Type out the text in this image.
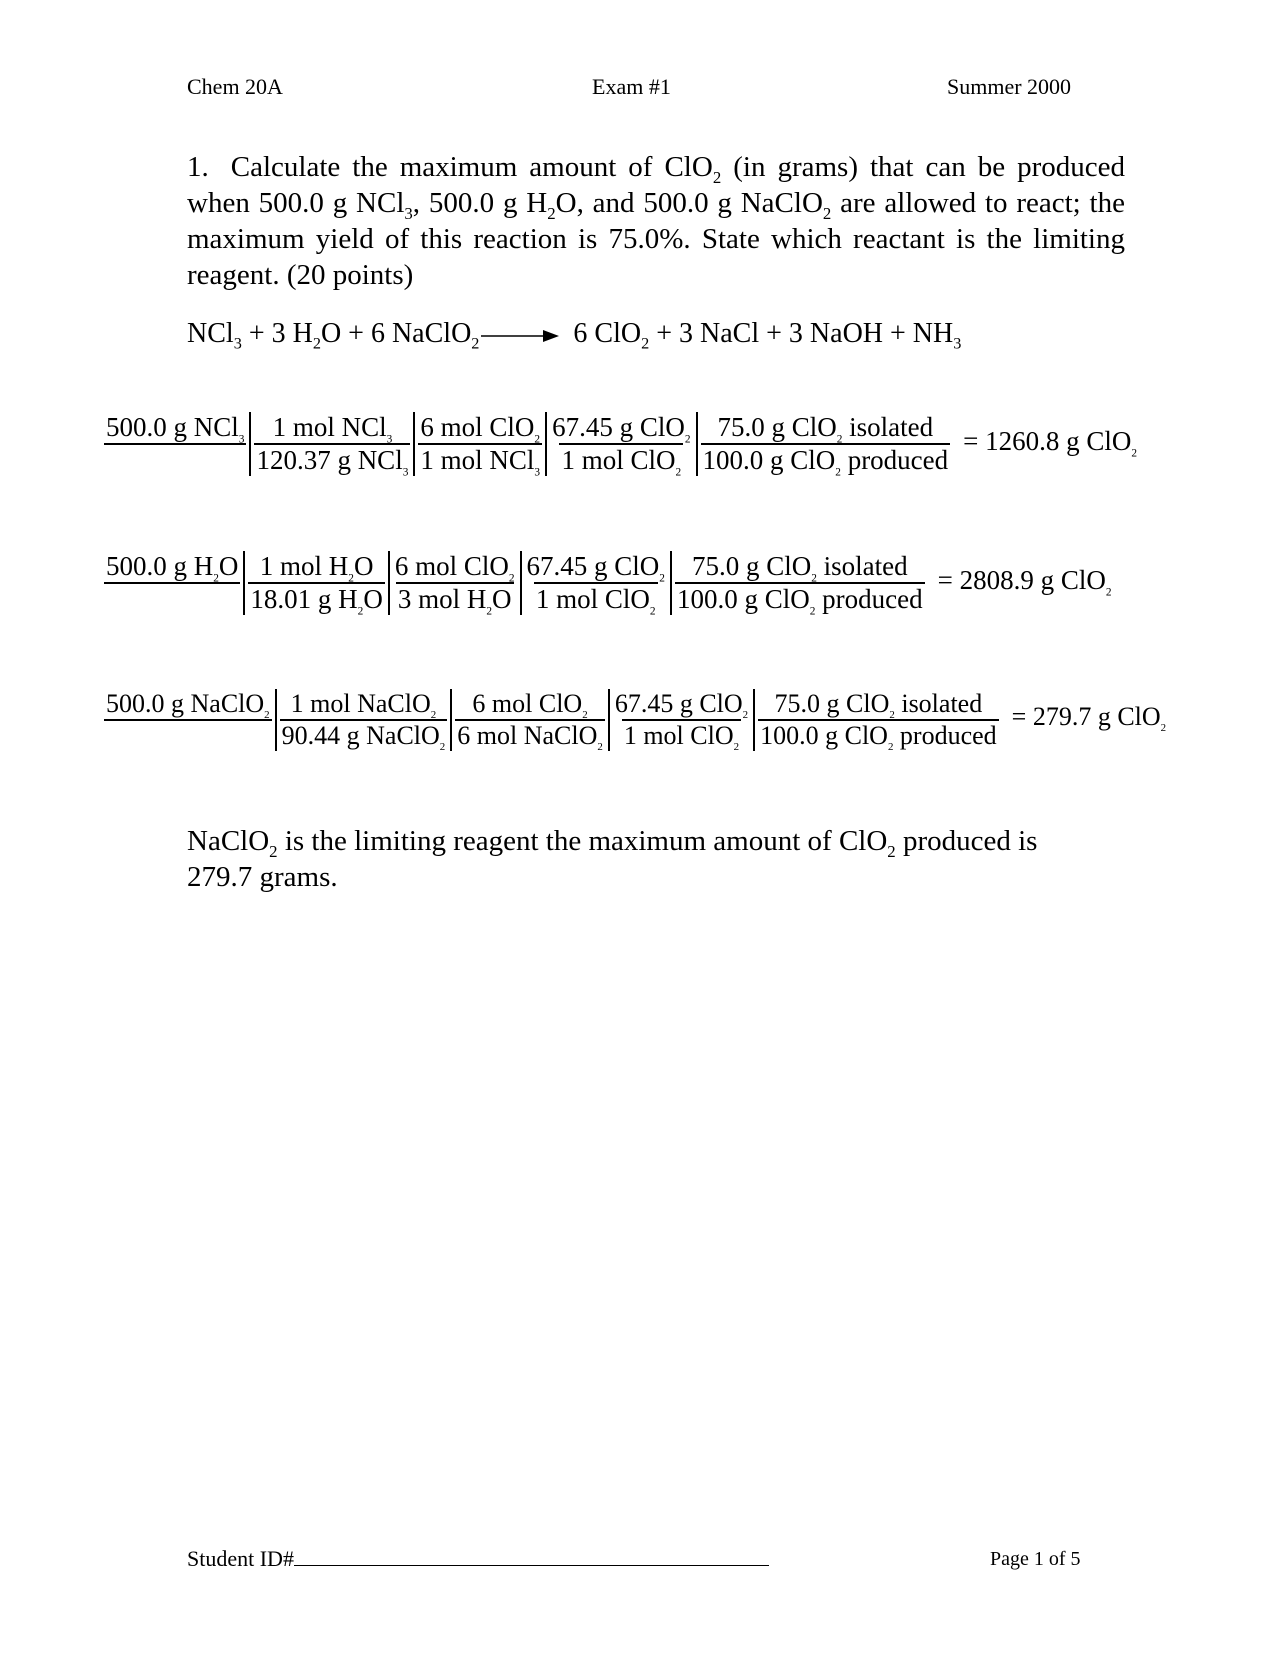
Chem 20A	Exam #1	Summer 2000
1. Calculate the maximum amount of ClO$_2$ (in grams) that can be produced when 500.0 g NCl$_3$, 500.0 g $H_2O$, and 500.0 g NaClO$_2$ are allowed to react; the maximum yield of this reaction is 75.0%. State which reactant is the limiting reagent. (20 points)
NCl$_3$ + 3 $H_2O + 6$ NaClO$_2$ → 6 ClO$_2$ + 3 NaCl + 3 NaOH + $NH_3$
500.0 g $NCl_3 \frac{1 mol NCl_3}{120.37 g NCl_3} \frac{6 mol ClO_2}{1 mol NCl_3} \frac{67.45 g ClO_2}{1 mol ClO_2} \frac{75.0 g ClO_2 isolated}{100.0 g ClO_2 produced} = 1260.8$ g ClO$_2$
500.0 g $H_2O \frac{1 mol H_2O}{18.01 g H_2O} \frac{6 mol ClO_2}{3 mol H_2O} \frac{67.45 g ClO_2}{1 mol ClO_2} \frac{75.0 g ClO_2 isolated}{100.0 g ClO_2 produced} = 2808.9$ g ClO$_2$
500.0 g NaClO$_2$ $\frac{1 mol NaClO_2}{90.44 g NaClO_2} \frac{6 mol ClO_2}{6 mol NaClO_2} \frac{67.45 g ClO_2}{1 mol ClO_2} \frac{75.0 g ClO_2 isolated}{100.0 g ClO_2 produced} = 279.7$ g ClO$_2$
NaClO$_2$ is the limiting reagent the maximum amount of ClO$_2$ produced is 279.7 grams.
Student ID#	Page 1 of 5
